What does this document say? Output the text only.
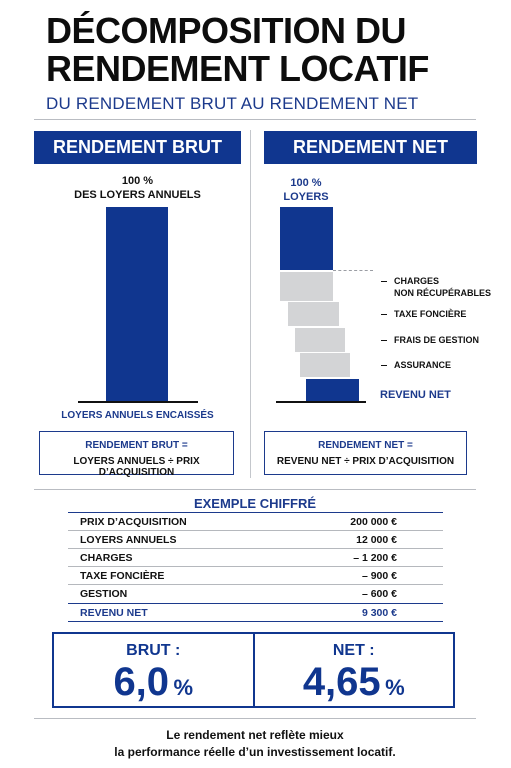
DÉCOMPOSITION DU
RENDEMENT LOCATIF
DU RENDEMENT BRUT AU RENDEMENT NET
RENDEMENT BRUT
100 %
DES LOYERS ANNUELS
LOYERS ANNUELS ENCAISSÉS
RENDEMENT BRUT =
LOYERS ANNUELS ÷ PRIX D’ACQUISITION
RENDEMENT NET
100 %
LOYERS
CHARGES
NON RÉCUPÉRABLES
TAXE FONCIÈRE
FRAIS DE GESTION
ASSURANCE
REVENU NET
RENDEMENT NET =
REVENU NET ÷ PRIX D’ACQUISITION
EXEMPLE CHIFFRÉ
PRIX D’ACQUISITION	200 000 €
LOYERS ANNUELS	12 000 €
CHARGES	– 1 200 €
TAXE FONCIÈRE	– 900 €
GESTION	– 600 €
REVENU NET	9 300 €
BRUT :
6,0 %
NET :
4,65 %
Le rendement net reflète mieux
la performance réelle d’un investissement locatif.
